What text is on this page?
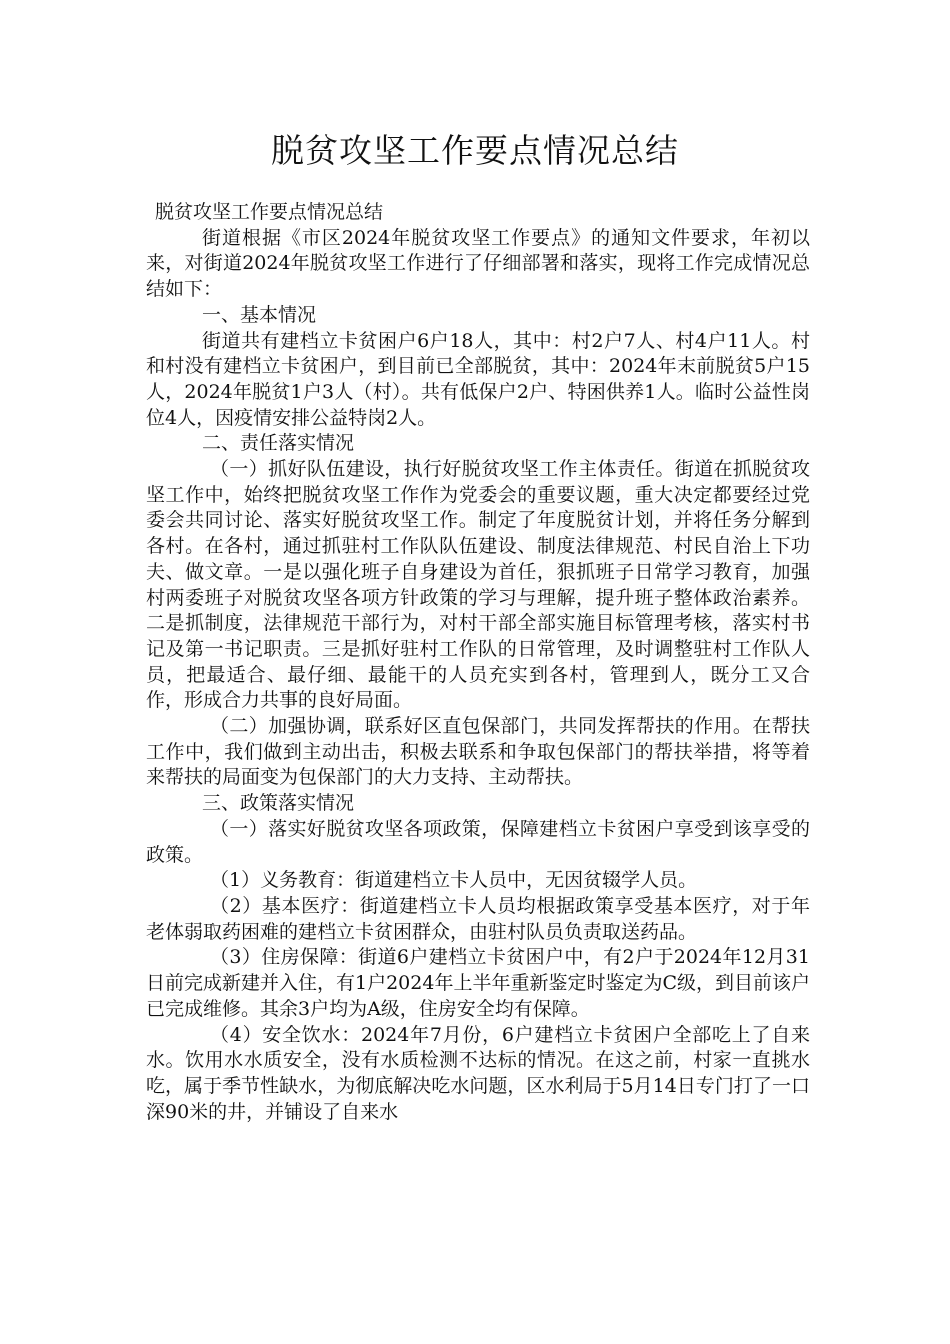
脱贫攻坚工作要点情况总结

脱贫攻坚工作要点情况总结

街道根据《市区2024年脱贫攻坚工作要点》的通知文件要求，年初以来，对街道2024年脱贫攻坚工作进行了仔细部署和落实，现将工作完成情况总结如下：

一、基本情况

街道共有建档立卡贫困户6户18人，其中：村2户7人、村4户11人。村和村没有建档立卡贫困户，到目前已全部脱贫，其中：2024年末前脱贫5户15人，2024年脱贫1户3人（村）。共有低保户2户、特困供养1人。临时公益性岗位4人，因疫情安排公益特岗2人。

二、责任落实情况

（一）抓好队伍建设，执行好脱贫攻坚工作主体责任。街道在抓脱贫攻坚工作中，始终把脱贫攻坚工作作为党委会的重要议题，重大决定都要经过党委会共同讨论、落实好脱贫攻坚工作。制定了年度脱贫计划，并将任务分解到各村。在各村，通过抓驻村工作队队伍建设、制度法律规范、村民自治上下功夫、做文章。一是以强化班子自身建设为首任，狠抓班子日常学习教育，加强村两委班子对脱贫攻坚各项方针政策的学习与理解，提升班子整体政治素养。二是抓制度，法律规范干部行为，对村干部全部实施目标管理考核，落实村书记及第一书记职责。三是抓好驻村工作队的日常管理，及时调整驻村工作队人员，把最适合、最仔细、最能干的人员充实到各村，管理到人，既分工又合作，形成合力共事的良好局面。

（二）加强协调，联系好区直包保部门，共同发挥帮扶的作用。在帮扶工作中，我们做到主动出击，积极去联系和争取包保部门的帮扶举措，将等着来帮扶的局面变为包保部门的大力支持、主动帮扶。

三、政策落实情况

（一）落实好脱贫攻坚各项政策，保障建档立卡贫困户享受到该享受的政策。

（1）义务教育：街道建档立卡人员中，无因贫辍学人员。

（2）基本医疗：街道建档立卡人员均根据政策享受基本医疗，对于年老体弱取药困难的建档立卡贫困群众，由驻村队员负责取送药品。

（3）住房保障：街道6户建档立卡贫困户中，有2户于2024年12月31日前完成新建并入住，有1户2024年上半年重新鉴定时鉴定为C级，到目前该户已完成维修。其余3户均为A级，住房安全均有保障。

（4）安全饮水：2024年7月份，6户建档立卡贫困户全部吃上了自来水。饮用水水质安全，没有水质检测不达标的情况。在这之前，村家一直挑水吃，属于季节性缺水，为彻底解决吃水问题，区水利局于5月14日专门打了一口深90米的井，并铺设了自来水
